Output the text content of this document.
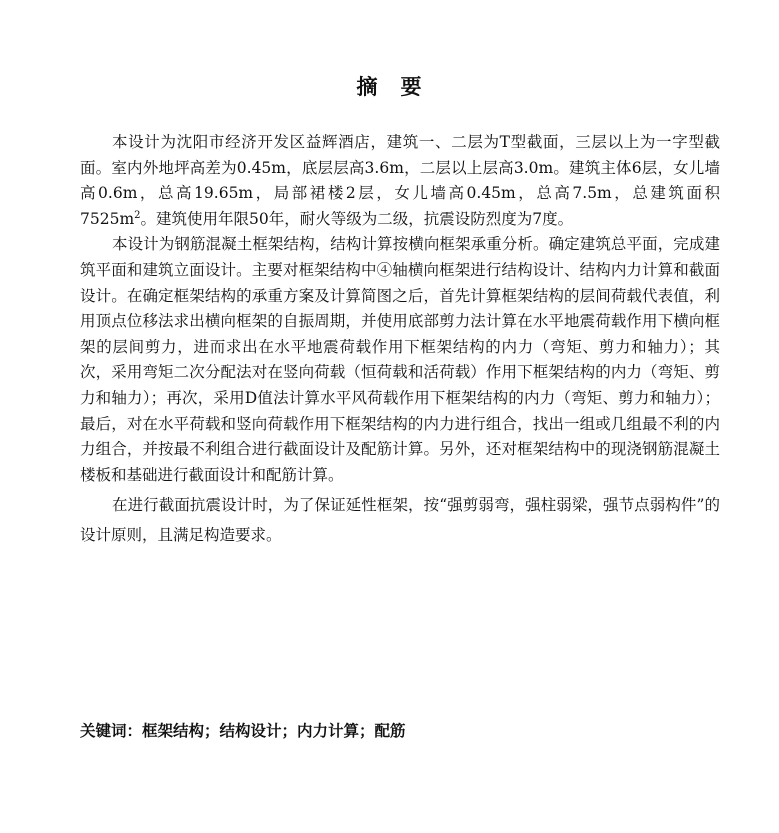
摘 要

本设计为沈阳市经济开发区益辉酒店，建筑一、二层为T型截面，三层以上为一字型截面。室内外地坪高差为0.45m，底层层高3.6m，二层以上层高3.0m。建筑主体6层，女儿墙高0.6m，总高19.65m，局部裙楼2层，女儿墙高0.45m，总高7.5m，总建筑面积$7525m^2$。建筑使用年限50年，耐火等级为二级，抗震设防烈度为7度。

本设计为钢筋混凝土框架结构，结构计算按横向框架承重分析。确定建筑总平面，完成建筑平面和建筑立面设计。主要对框架结构中④轴横向框架进行结构设计、结构内力计算和截面设计。在确定框架结构的承重方案及计算简图之后，首先计算框架结构的层间荷载代表值，利用顶点位移法求出横向框架的自振周期，并使用底部剪力法计算在水平地震荷载作用下横向框架的层间剪力，进而求出在水平地震荷载作用下框架结构的内力（弯矩、剪力和轴力）；其次，采用弯矩二次分配法对在竖向荷载（恒荷载和活荷载）作用下框架结构的内力（弯矩、剪力和轴力）；再次，采用D值法计算水平风荷载作用下框架结构的内力（弯矩、剪力和轴力）；最后，对在水平荷载和竖向荷载作用下框架结构的内力进行组合，找出一组或几组最不利的内力组合，并按最不利组合进行截面设计及配筋计算。另外，还对框架结构中的现浇钢筋混凝土楼板和基础进行截面设计和配筋计算。

在进行截面抗震设计时，为了保证延性框架，按“强剪弱弯，强柱弱梁，强节点弱构件”的设计原则，且满足构造要求。

关键词：框架结构；结构设计；内力计算；配筋
